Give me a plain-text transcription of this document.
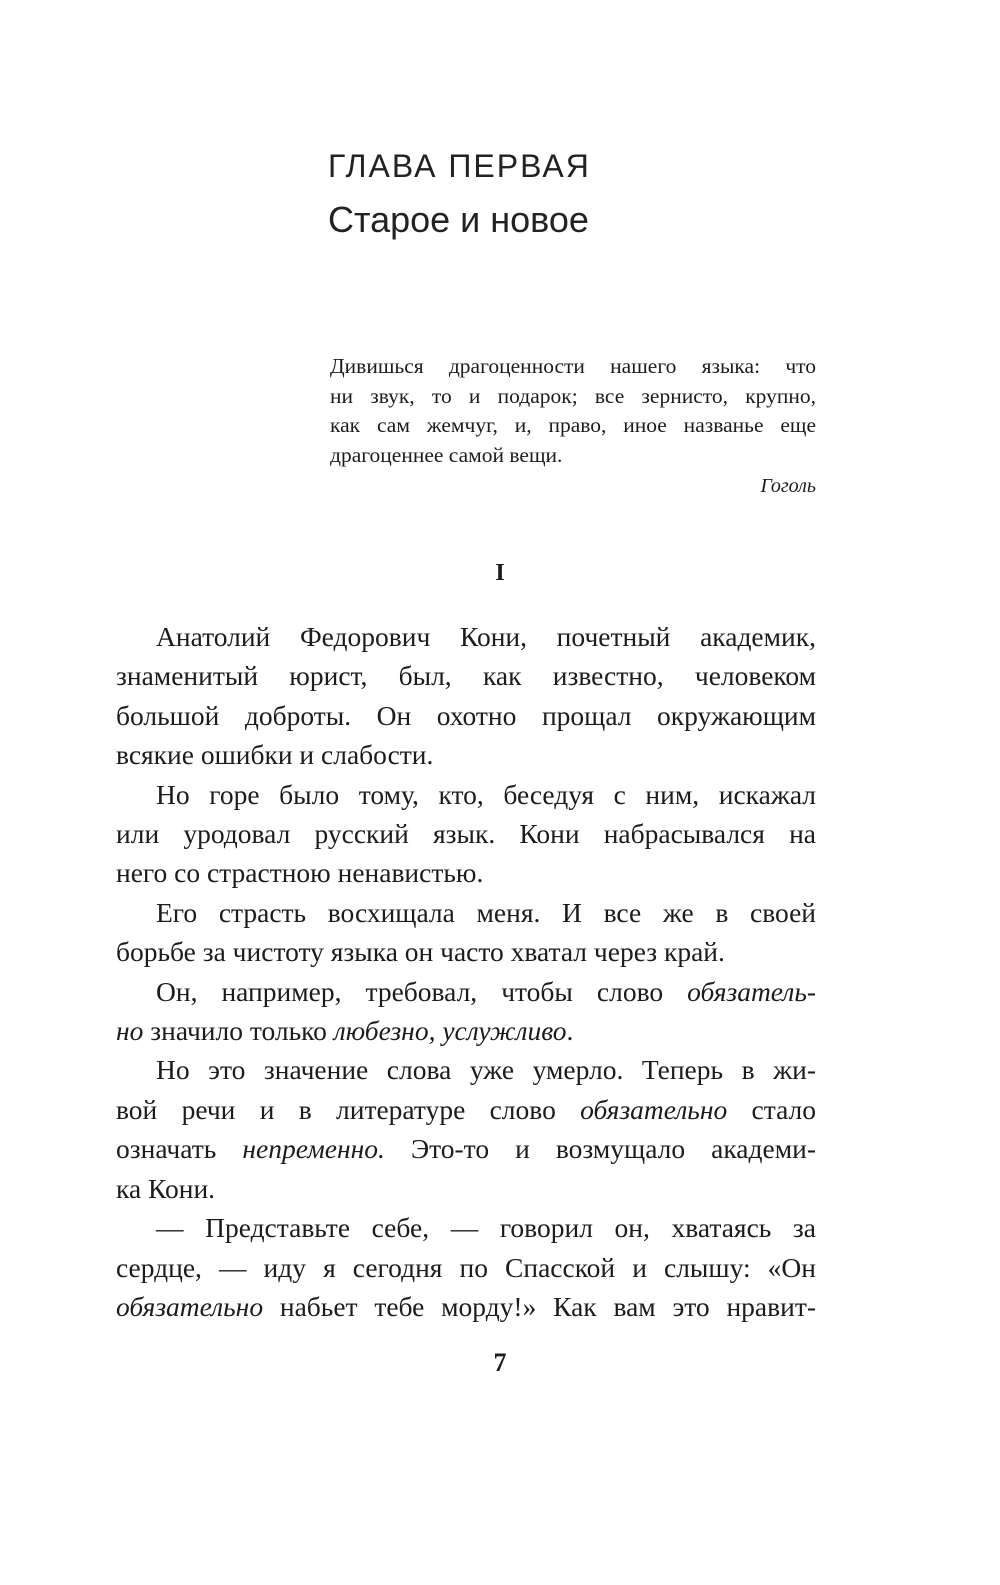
ГЛАВА ПЕРВАЯ
Старое и новое
Дивишься драгоценности нашего языка: что
ни звук, то и подарок; все зернисто, крупно,
как сам жемчуг, и, право, иное названье еще
драгоценнее самой вещи.
Гоголь
I
Анатолий Федорович Кони, почетный академик,
знаменитый юрист, был, как известно, человеком
большой доброты. Он охотно прощал окружающим
всякие ошибки и слабости.
Но горе было тому, кто, беседуя с ним, искажал
или уродовал русский язык. Кони набрасывался на
него со страстною ненавистью.
Его страсть восхищала меня. И все же в своей
борьбе за чистоту языка он часто хватал через край.
Он, например, требовал, чтобы слово обязатель-
но значило только любезно, услужливо.
Но это значение слова уже умерло. Теперь в жи-
вой речи и в литературе слово обязательно стало
означать непременно. Это-то и возмущало академи-
ка Кони.
— Представьте себе, — говорил он, хватаясь за
сердце, — иду я сегодня по Спасской и слышу: «Он
обязательно набьет тебе морду!» Как вам это нравит-
7
